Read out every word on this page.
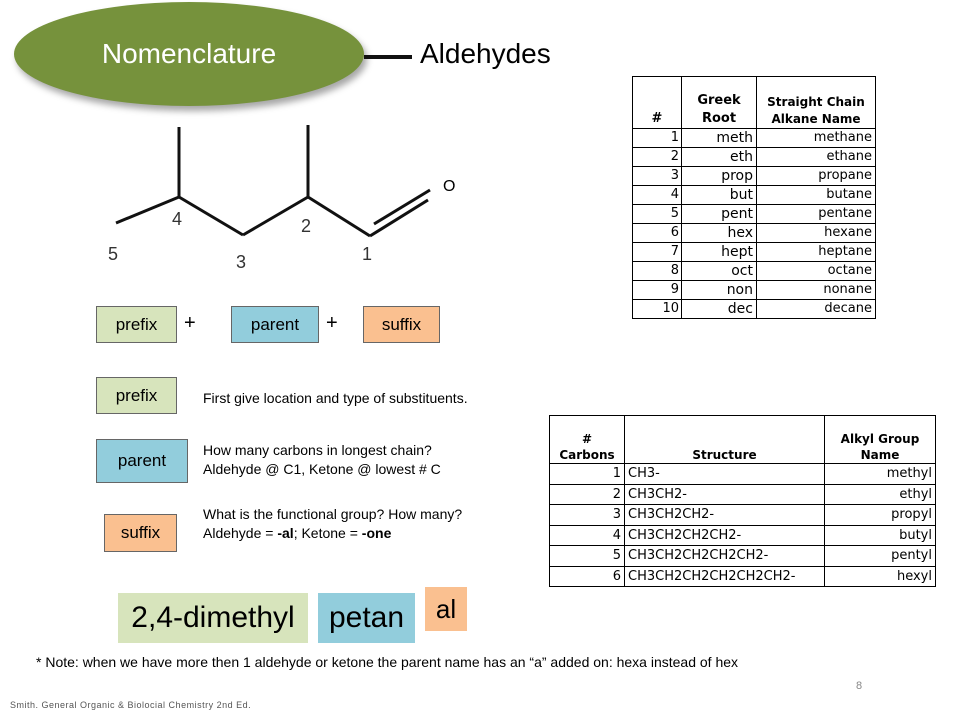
Nomenclature	Aldehydes
O
1
2
3
4
5
prefix	+	parent	+	suffix
prefix	First give location and type of substituents.
parent
How many carbons in longest chain?
Aldehyde @ C1, Ketone @ lowest # C
suffix
What is the functional group? How many?
Aldehyde = -al; Ketone = -one
2,4-dimethyl	petan	al
* Note: when we have more then 1 aldehyde or ketone the parent name has an “a” added on: hexa instead of hex
8
Smith. General Organic & Biolocial Chemistry 2nd Ed.
#	Greek Root	Straight Chain Alkane Name
1	meth	methane
2	eth	ethane
3	prop	propane
4	but	butane
5	pent	pentane
6	hex	hexane
7	hept	heptane
8	oct	octane
9	non	nonane
10	dec	decane
# Carbons	Structure	Alkyl Group Name
1	CH3-	methyl
2	CH3CH2-	ethyl
3	CH3CH2CH2-	propyl
4	CH3CH2CH2CH2-	butyl
5	CH3CH2CH2CH2CH2-	pentyl
6	CH3CH2CH2CH2CH2CH2-	hexyl
